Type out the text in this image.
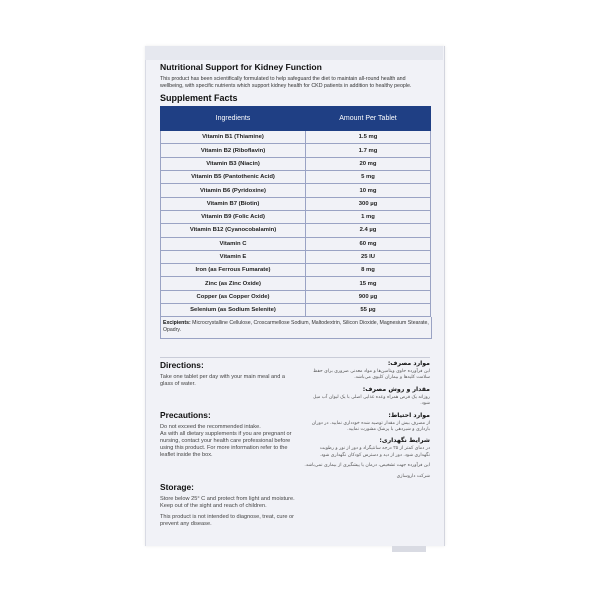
Nutritional Support for Kidney Function
This product has been scientifically formulated to help safeguard the diet to maintain all-round health and wellbeing, with specific nutrients which support kidney health for CKD patients in addition to healthy people.
Supplement Facts
Ingredients	Amount Per Tablet
Vitamin B1 (Thiamine)	1.5 mg
Vitamin B2 (Riboflavin)	1.7 mg
Vitamin B3 (Niacin)	20 mg
Vitamin B5 (Pantothenic Acid)	5 mg
Vitamin B6 (Pyridoxine)	10 mg
Vitamin B7 (Biotin)	300 µg
Vitamin B9 (Folic Acid)	1 mg
Vitamin B12 (Cyanocobalamin)	2.4 µg
Vitamin C	60 mg
Vitamin E	25 IU
Iron (as Ferrous Fumarate)	8 mg
Zinc (as Zinc Oxide)	15 mg
Copper (as Copper Oxide)	900 µg
Selenium (as Sodium Selenite)	55 µg
Excipients: Microcrystalline Cellulose, Croscarmellose Sodium, Maltodextrin, Silicon Dioxide, Magnesium Stearate, Opadry.
Directions:

Take one tablet per day with your main meal and a glass of water.

Precautions:

Do not exceed the recommended intake.

As with all dietary supplements if you are pregnant or nursing, contact your health care professional before using this product. For more information refer to the leaflet inside the box.

Storage:

Store below 25° C and protect from light and moisture.

Keep out of the sight and reach of children.

This product is not intended to diagnose, treat, cure or prevent any disease.

موارد مصرف:

این فرآورده حاوی ویتامین‌ها و مواد معدنی ضروری برای حفظ سلامت کلیه‌ها و بیماران کلیوی می‌باشد.

مقدار و روش مصرف:

روزانه یک قرص همراه وعده غذایی اصلی با یک لیوان آب میل شود.

موارد احتیاط:

از مصرف بیش از مقدار توصیه شده خودداری نمایید. در دوران بارداری و شیردهی با پزشک مشورت نمایید.

شرایط نگهداری:

در دمای کمتر از ۲۵ درجه سانتیگراد و دور از نور و رطوبت نگهداری شود. دور از دید و دسترس کودکان نگهداری شود.

این فرآورده جهت تشخیص، درمان یا پیشگیری از بیماری نمی‌باشد.

شرکت داروسازی
